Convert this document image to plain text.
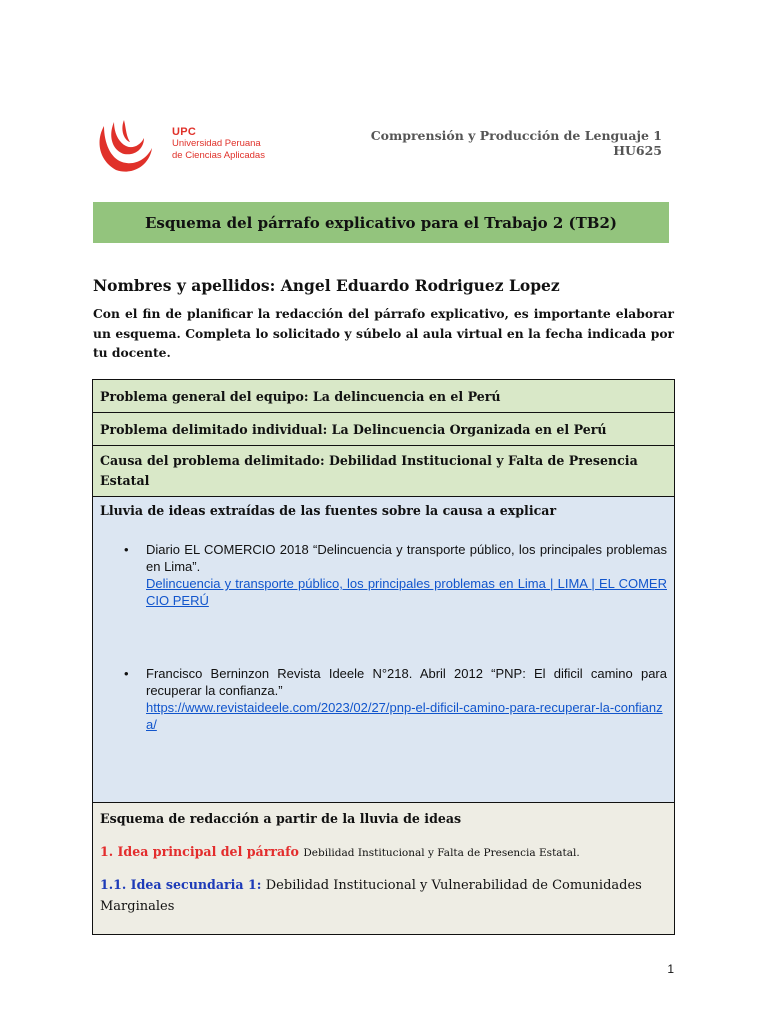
UPC
Universidad Peruana
de Ciencias Aplicadas
Comprensión y Producción de Lenguaje 1
HU625
Esquema del párrafo explicativo para el Trabajo 2 (TB2)
Nombres y apellidos: Angel Eduardo Rodriguez Lopez
Con el fin de planificar la redacción del párrafo explicativo, es importante elaborar un esquema. Completa lo solicitado y súbelo al aula virtual en la fecha indicada por tu docente.
Problema general del equipo: La delincuencia en el Perú
Problema delimitado individual: La Delincuencia Organizada en el Perú
Causa del problema delimitado: Debilidad Institucional y Falta de Presencia Estatal
Lluvia de ideas extraídas de las fuentes sobre la causa a explicar
• Diario EL COMERCIO 2018 “Delincuencia y transporte público, los principales problemas en Lima”.
Delincuencia y transporte público, los principales problemas en Lima | LIMA | EL COMERCIO PERÚ
• Francisco Berninzon Revista Ideele N°218. Abril 2012 “PNP: El dificil camino para recuperar la confianza.”
https://www.revistaideele.com/2023/02/27/pnp-el-dificil-camino-para-recuperar-la-confianza/
Esquema de redacción a partir de la lluvia de ideas
1. Idea principal del párrafo Debilidad Institucional y Falta de Presencia Estatal.
1.1. Idea secundaria 1: Debilidad Institucional y Vulnerabilidad de Comunidades Marginales
1
